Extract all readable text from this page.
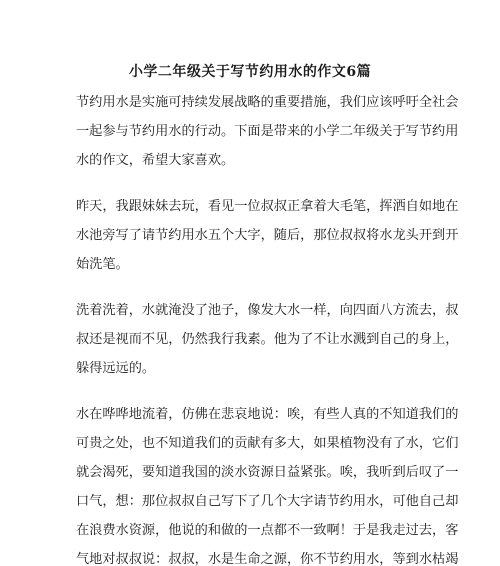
小学二年级关于写节约用水的作文6篇
节约用水是实施可持续发展战略的重要措施，我们应该呼吁全社会
一起参与节约用水的行动。下面是带来的小学二年级关于写节约用
水的作文，希望大家喜欢。
昨天，我跟妹妹去玩，看见一位叔叔正拿着大毛笔，挥洒自如地在
水池旁写了请节约用水五个大字，随后，那位叔叔将水龙头开到开
始洗笔。
洗着洗着，水就淹没了池子，像发大水一样，向四面八方流去，叔
叔还是视而不见，仍然我行我素。他为了不让水溅到自己的身上，
躲得远远的。
水在哗哗地流着，仿佛在悲哀地说：唉，有些人真的不知道我们的
可贵之处，也不知道我们的贡献有多大，如果植物没有了水，它们
就会渴死，要知道我国的淡水资源日益紧张。唉，我听到后叹了一
口气，想：那位叔叔自己写下了几个大字请节约用水，可他自己却
在浪费水资源，他说的和做的一点都不一致啊！于是我走过去，客
气地对叔叔说：叔叔，水是生命之源，你不节约用水，等到水枯竭
